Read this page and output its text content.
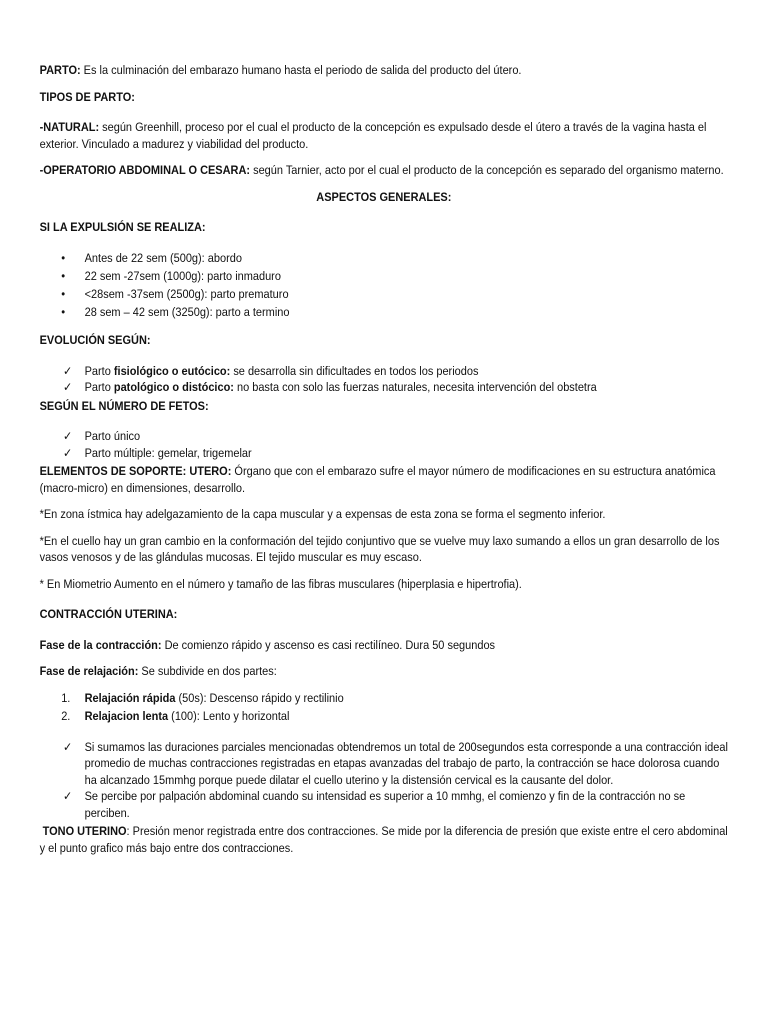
PARTO: Es la culminación del embarazo humano hasta el periodo de salida del producto del útero.

TIPOS DE PARTO:

-NATURAL: según Greenhill, proceso por el cual el producto de la concepción es expulsado desde el útero a través de la vagina hasta el exterior. Vinculado a madurez y viabilidad del producto.

-OPERATORIO ABDOMINAL O CESARA: según Tarnier, acto por el cual el producto de la concepción es separado del organismo materno.

ASPECTOS GENERALES:

SI LA EXPULSIÓN SE REALIZA:

• Antes de 22 sem (500g): abordo
• 22 sem -27sem (1000g): parto inmaduro
• <28sem -37sem (2500g): parto prematuro
• 28 sem – 42 sem (3250g): parto a termino

EVOLUCIÓN SEGÚN:

✓ Parto fisiológico o eutócico: se desarrolla sin dificultades en todos los periodos
✓ Parto patológico o distócico: no basta con solo las fuerzas naturales, necesita intervención del obstetra

SEGÚN EL NÚMERO DE FETOS:

✓ Parto único
✓ Parto múltiple: gemelar, trigemelar

ELEMENTOS DE SOPORTE: UTERO: Órgano que con el embarazo sufre el mayor número de modificaciones en su estructura anatómica (macro-micro) en dimensiones, desarrollo.

*En zona ístmica hay adelgazamiento de la capa muscular y a expensas de esta zona se forma el segmento inferior.

*En el cuello hay un gran cambio en la conformación del tejido conjuntivo que se vuelve muy laxo sumando a ellos un gran desarrollo de los vasos venosos y de las glándulas mucosas. El tejido muscular es muy escaso.

* En Miometrio Aumento en el número y tamaño de las fibras musculares (hiperplasia e hipertrofia).

CONTRACCIÓN UTERINA:

Fase de la contracción: De comienzo rápido y ascenso es casi rectilíneo. Dura 50 segundos

Fase de relajación: Se subdivide en dos partes:

1. Relajación rápida (50s): Descenso rápido y rectilinio
2. Relajacion lenta (100): Lento y horizontal
✓ Si sumamos las duraciones parciales mencionadas obtendremos un total de 200segundos esta corresponde a una contracción ideal promedio de muchas contracciones registradas en etapas avanzadas del trabajo de parto, la contracción se hace dolorosa cuando ha alcanzado 15mmhg porque puede dilatar el cuello uterino y la distensión cervical es la causante del dolor.
✓ Se percibe por palpación abdominal cuando su intensidad es superior a 10 mmhg, el comienzo y fin de la contracción no se perciben.

TONO UTERINO: Presión menor registrada entre dos contracciones. Se mide por la diferencia de presión que existe entre el cero abdominal y el punto grafico más bajo entre dos contracciones.
